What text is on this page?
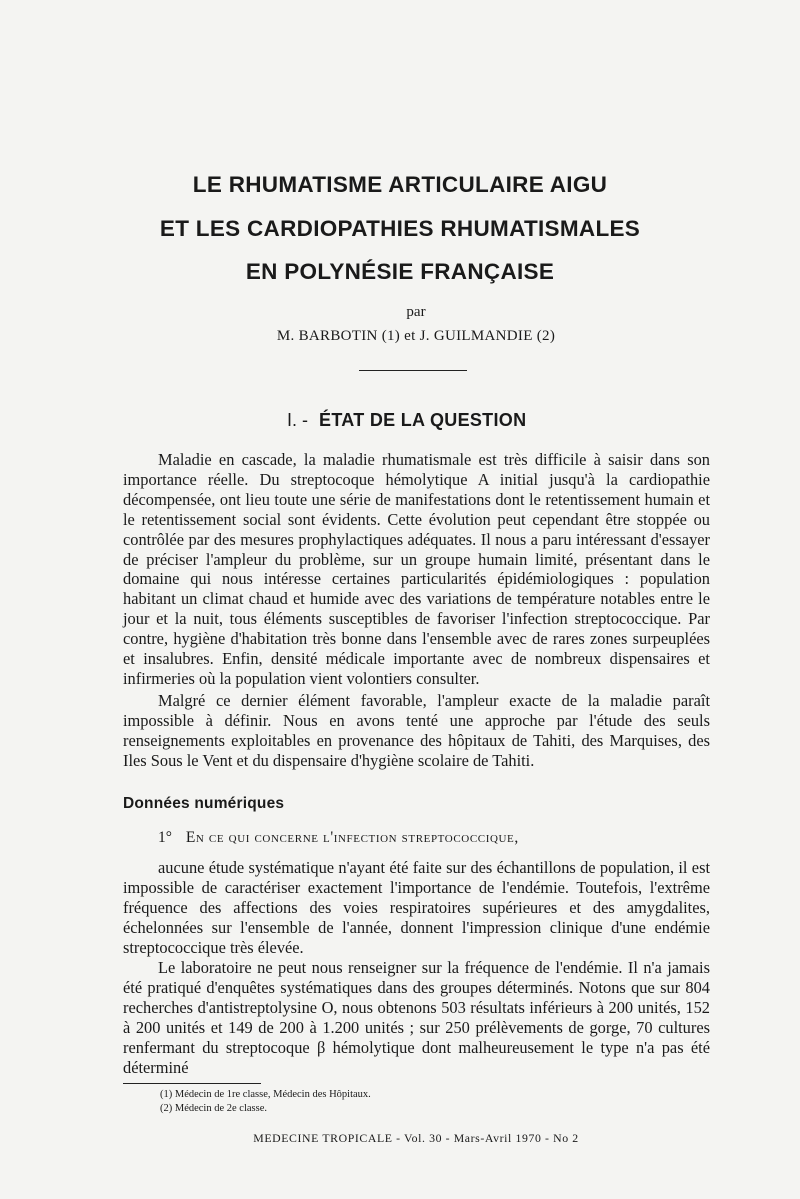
LE RHUMATISME ARTICULAIRE AIGU
ET LES CARDIOPATHIES RHUMATISMALES
EN POLYNÉSIE FRANÇAISE
par
M. BARBOTIN (1) et J. GUILMANDIE (2)
I. - ÉTAT DE LA QUESTION

Maladie en cascade, la maladie rhumatismale est très difficile à saisir dans son importance réelle. Du streptocoque hémolytique A initial jusqu'à la cardiopathie décompensée, ont lieu toute une série de manifestations dont le retentissement humain et le retentissement social sont évidents. Cette évolution peut cependant être stoppée ou contrôlée par des mesures prophylactiques adéquates. Il nous a paru intéressant d'essayer de préciser l'ampleur du problème, sur un groupe humain limité, présentant dans le domaine qui nous intéresse certaines particularités épidémiologiques : population habitant un climat chaud et humide avec des variations de température notables entre le jour et la nuit, tous éléments susceptibles de favoriser l'infection streptococcique. Par contre, hygiène d'habitation très bonne dans l'ensemble avec de rares zones surpeuplées et insalubres. Enfin, densité médicale importante avec de nombreux dispensaires et infirmeries où la population vient volontiers consulter.

Malgré ce dernier élément favorable, l'ampleur exacte de la maladie paraît impossible à définir. Nous en avons tenté une approche par l'étude des seuls renseignements exploitables en provenance des hôpitaux de Tahiti, des Marquises, des Iles Sous le Vent et du dispensaire d'hygiène scolaire de Tahiti.

Données numériques
1° En ce qui concerne l'infection streptococcique,

aucune étude systématique n'ayant été faite sur des échantillons de population, il est impossible de caractériser exactement l'importance de l'endémie. Toutefois, l'extrême fréquence des affections des voies respiratoires supérieures et des amygdalites, échelonnées sur l'ensemble de l'année, donnent l'impression clinique d'une endémie streptococcique très élevée.

Le laboratoire ne peut nous renseigner sur la fréquence de l'endémie. Il n'a jamais été pratiqué d'enquêtes systématiques dans des groupes déterminés. Notons que sur 804 recherches d'antistreptolysine O, nous obtenons 503 résultats inférieurs à 200 unités, 152 à 200 unités et 149 de 200 à 1.200 unités ; sur 250 prélèvements de gorge, 70 cultures renfermant du streptocoque β hémolytique dont malheureusement le type n'a pas été déterminé

(1) Médecin de 1re classe, Médecin des Hôpitaux.
(2) Médecin de 2e classe.
MEDECINE TROPICALE - Vol. 30 - Mars-Avril 1970 - No 2
